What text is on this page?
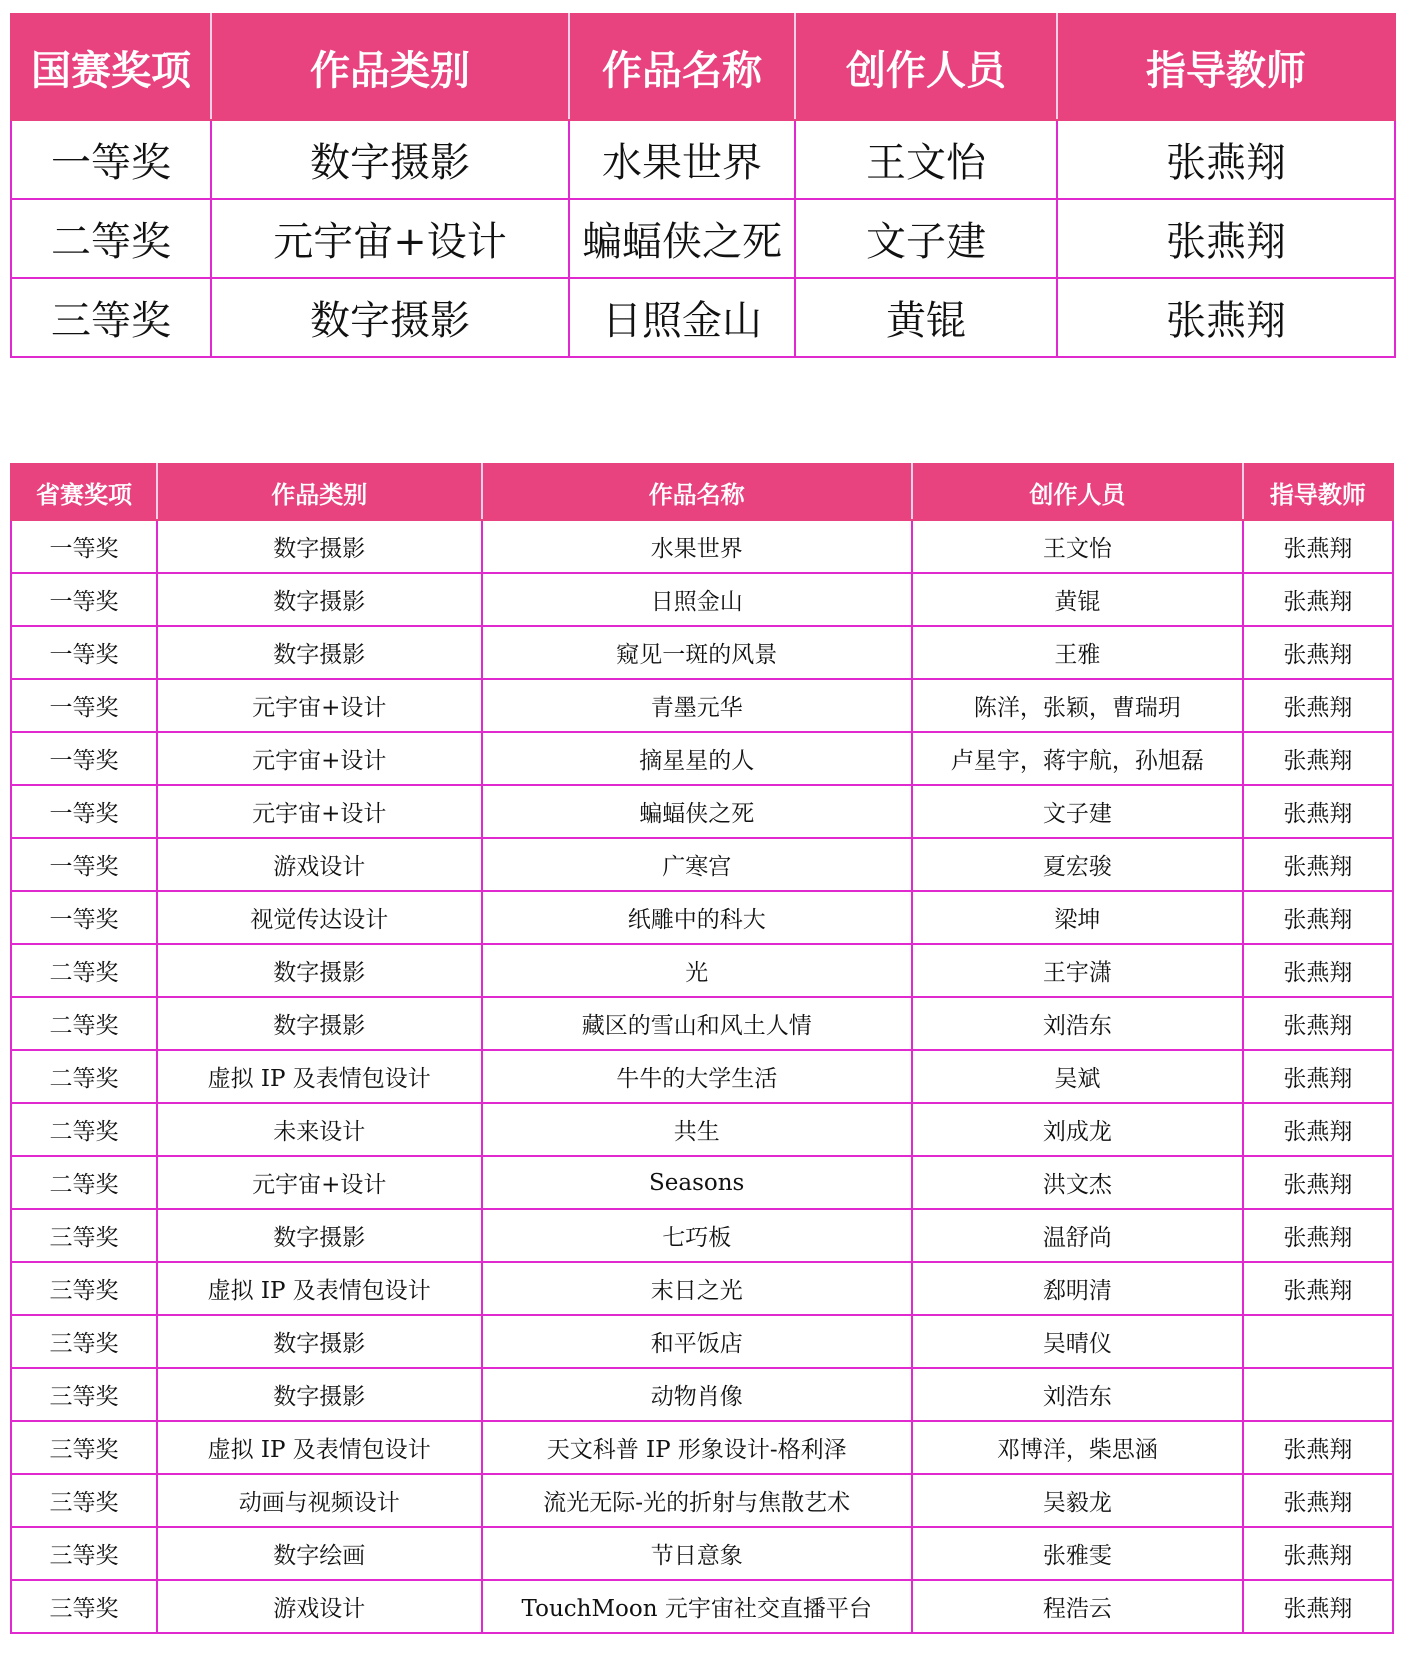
国赛奖项	作品类别	作品名称	创作人员	指导教师
一等奖	数字摄影	水果世界	王文怡	张燕翔
二等奖	元宇宙+设计	蝙蝠侠之死	文子建	张燕翔
三等奖	数字摄影	日照金山	黄锟	张燕翔
省赛奖项	作品类别	作品名称	创作人员	指导教师
一等奖	数字摄影	水果世界	王文怡	张燕翔
一等奖	数字摄影	日照金山	黄锟	张燕翔
一等奖	数字摄影	窥见一斑的风景	王雅	张燕翔
一等奖	元宇宙+设计	青墨元华	陈洋，张颖，曹瑞玥	张燕翔
一等奖	元宇宙+设计	摘星星的人	卢星宇，蒋宇航，孙旭磊	张燕翔
一等奖	元宇宙+设计	蝙蝠侠之死	文子建	张燕翔
一等奖	游戏设计	广寒宫	夏宏骏	张燕翔
一等奖	视觉传达设计	纸雕中的科大	梁坤	张燕翔
二等奖	数字摄影	光	王宇潇	张燕翔
二等奖	数字摄影	藏区的雪山和风土人情	刘浩东	张燕翔
二等奖	虚拟 IP 及表情包设计	牛牛的大学生活	吴斌	张燕翔
二等奖	未来设计	共生	刘成龙	张燕翔
二等奖	元宇宙+设计	Seasons	洪文杰	张燕翔
三等奖	数字摄影	七巧板	温舒尚	张燕翔
三等奖	虚拟 IP 及表情包设计	末日之光	郄明清	张燕翔
三等奖	数字摄影	和平饭店	吴晴仪	
三等奖	数字摄影	动物肖像	刘浩东	
三等奖	虚拟 IP 及表情包设计	天文科普 IP 形象设计-格利泽	邓博洋，柴思涵	张燕翔
三等奖	动画与视频设计	流光无际-光的折射与焦散艺术	吴毅龙	张燕翔
三等奖	数字绘画	节日意象	张雅雯	张燕翔
三等奖	游戏设计	TouchMoon 元宇宙社交直播平台	程浩云	张燕翔
